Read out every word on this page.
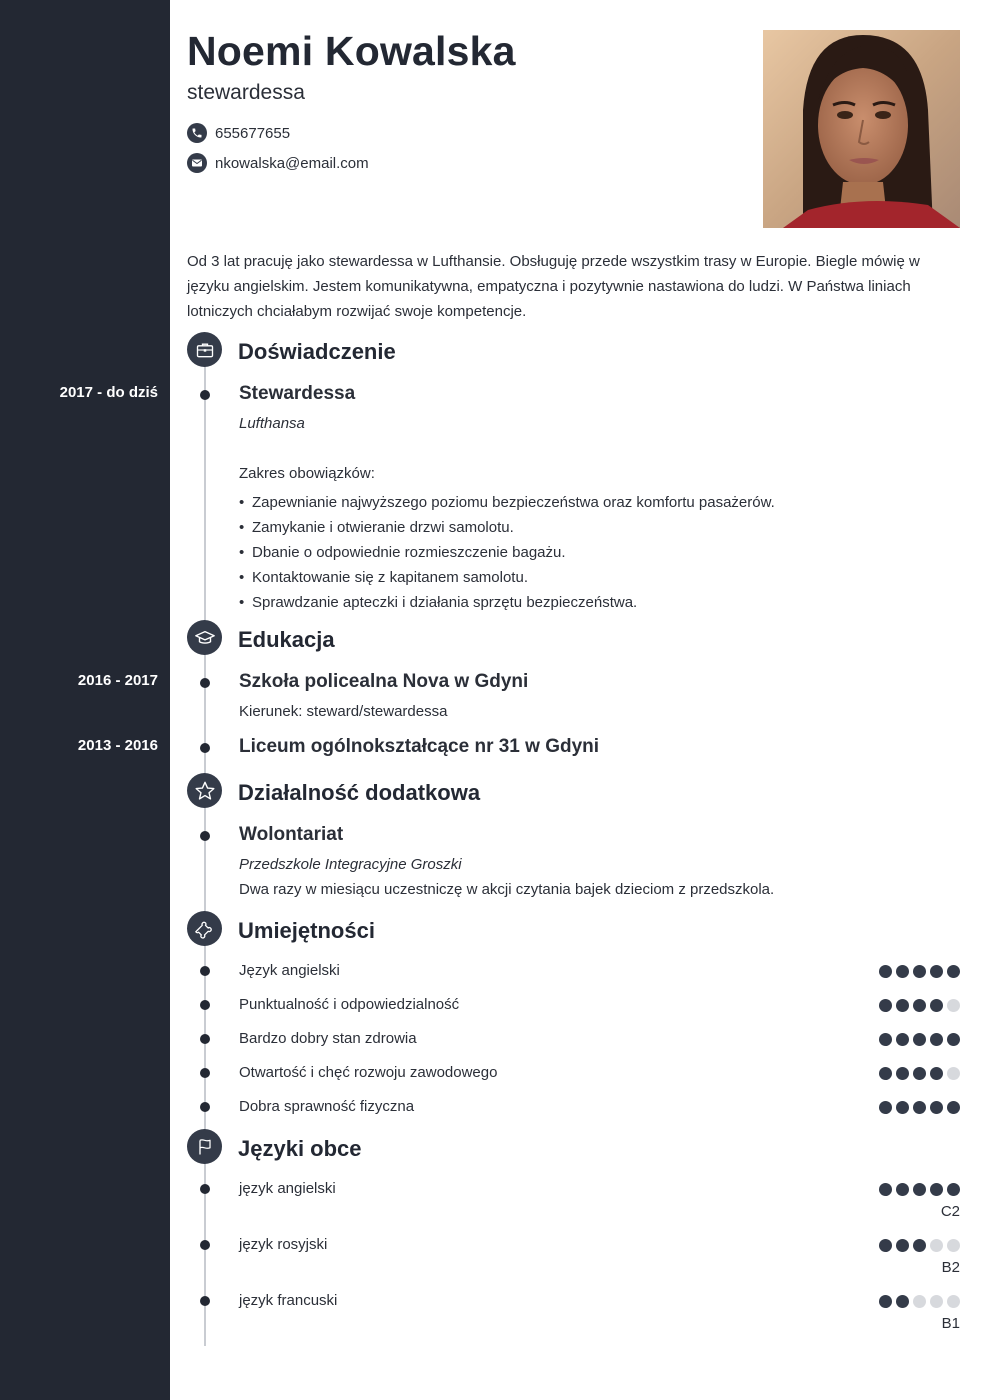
Noemi Kowalska
stewardessa
655677655
nkowalska@email.com

Od 3 lat pracuję jako stewardessa w Lufthansie. Obsługuję przede wszystkim trasy w Europie. Biegle mówię w języku angielskim. Jestem komunikatywna, empatyczna i pozytywnie nastawiona do ludzi. W Państwa liniach lotniczych chciałabym rozwijać swoje kompetencje.

Doświadczenie
2017 - do dziś	Stewardessa
Lufthansa
Zakres obowiązków:
• Zapewnianie najwyższego poziomu bezpieczeństwa oraz komfortu pasażerów.
• Zamykanie i otwieranie drzwi samolotu.
• Dbanie o odpowiednie rozmieszczenie bagażu.
• Kontaktowanie się z kapitanem samolotu.
• Sprawdzanie apteczki i działania sprzętu bezpieczeństwa.
Edukacja
2016 - 2017	Szkoła policealna Nova w Gdyni
Kierunek: steward/stewardessa
2013 - 2016	Liceum ogólnokształcące nr 31 w Gdyni
Działalność dodatkowa
Wolontariat
Przedszkole Integracyjne Groszki
Dwa razy w miesiącu uczestniczę w akcji czytania bajek dzieciom z przedszkola.
Umiejętności
Język angielski
Punktualność i odpowiedzialność
Bardzo dobry stan zdrowia
Otwartość i chęć rozwoju zawodowego
Dobra sprawność fizyczna
Języki obce
język angielski
C2
język rosyjski
B2
język francuski
B1
